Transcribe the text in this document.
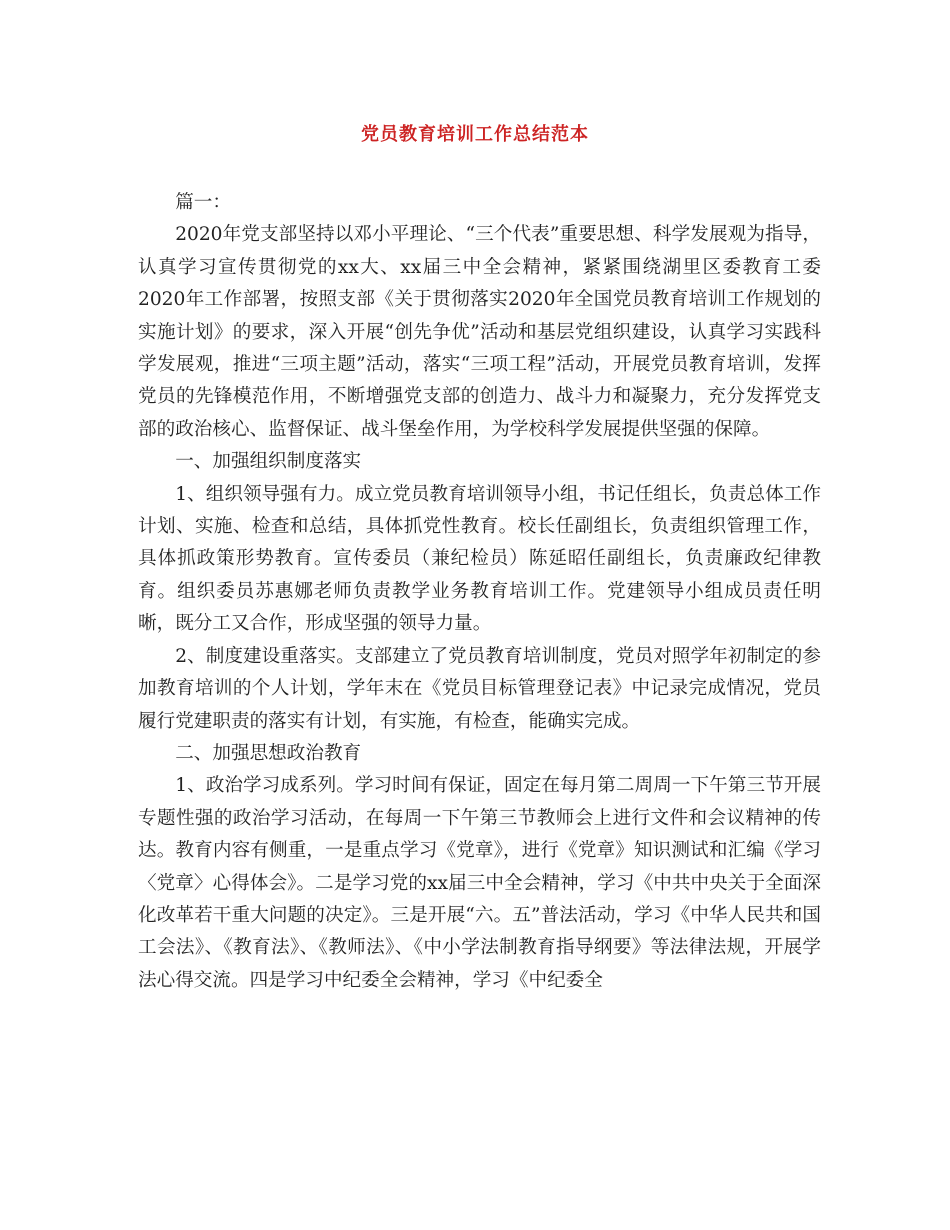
党员教育培训工作总结范本

篇一：

2020年党支部坚持以邓小平理论、“三个代表”重要思想、科学发展观为指导，认真学习宣传贯彻党的xx大、xx届三中全会精神，紧紧围绕湖里区委教育工委2020年工作部署，按照支部《关于贯彻落实2020年全国党员教育培训工作规划的实施计划》的要求，深入开展“创先争优”活动和基层党组织建设，认真学习实践科学发展观，推进“三项主题”活动，落实“三项工程”活动，开展党员教育培训，发挥党员的先锋模范作用，不断增强党支部的创造力、战斗力和凝聚力，充分发挥党支部的政治核心、监督保证、战斗堡垒作用，为学校科学发展提供坚强的保障。

一、加强组织制度落实

1、组织领导强有力。成立党员教育培训领导小组，书记任组长，负责总体工作计划、实施、检查和总结，具体抓党性教育。校长任副组长，负责组织管理工作，具体抓政策形势教育。宣传委员（兼纪检员）陈延昭任副组长，负责廉政纪律教育。组织委员苏惠娜老师负责教学业务教育培训工作。党建领导小组成员责任明晰，既分工又合作，形成坚强的领导力量。

2、制度建设重落实。支部建立了党员教育培训制度，党员对照学年初制定的参加教育培训的个人计划，学年末在《党员目标管理登记表》中记录完成情况，党员履行党建职责的落实有计划，有实施，有检查，能确实完成。

二、加强思想政治教育

1、政治学习成系列。学习时间有保证，固定在每月第二周周一下午第三节开展专题性强的政治学习活动，在每周一下午第三节教师会上进行文件和会议精神的传达。教育内容有侧重，一是重点学习《党章》，进行《党章》知识测试和汇编《学习〈党章〉心得体会》。二是学习党的xx届三中全会精神，学习《中共中央关于全面深化改革若干重大问题的决定》。三是开展“六。五”普法活动，学习《中华人民共和国工会法》、《教育法》、《教师法》、《中小学法制教育指导纲要》等法律法规，开展学法心得交流。四是学习中纪委全会精神，学习《中纪委全
